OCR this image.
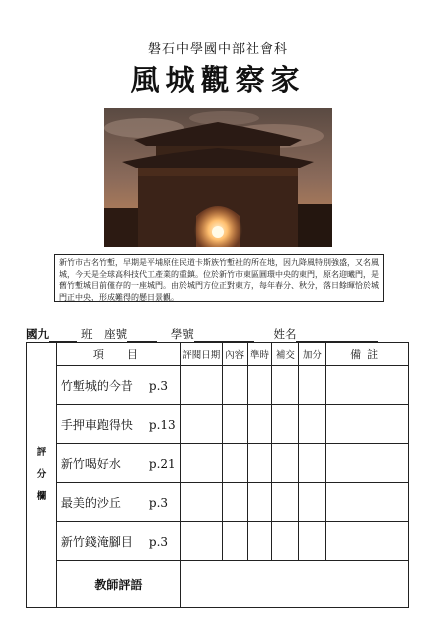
磐石中學國中部社會科
風城觀察家
新竹市古名竹塹，早期是平埔原住民道卡斯族竹塹社的所在地，因九降風特別強盛，又名風城，今天是全球高科技代工產業的重鎮。位於新竹市東區圓環中央的東門，原名迎曦門，是舊竹塹城目前僅存的一座城門。由於城門方位正對東方，每年春分、秋分，落日餘暉恰於城門正中央，形成難得的懸日景觀。
國九	班 座號	學號	姓名
評
分
欄	項　目	評閱日期	內容	準時	補交	加分	備註
	竹塹城的今昔 p.3						
	手押車跑得快 p.13						
	新竹喝好水 p.21						
	最美的沙丘 p.3						
	新竹錢淹腳目 p.3						
	教師評語						
